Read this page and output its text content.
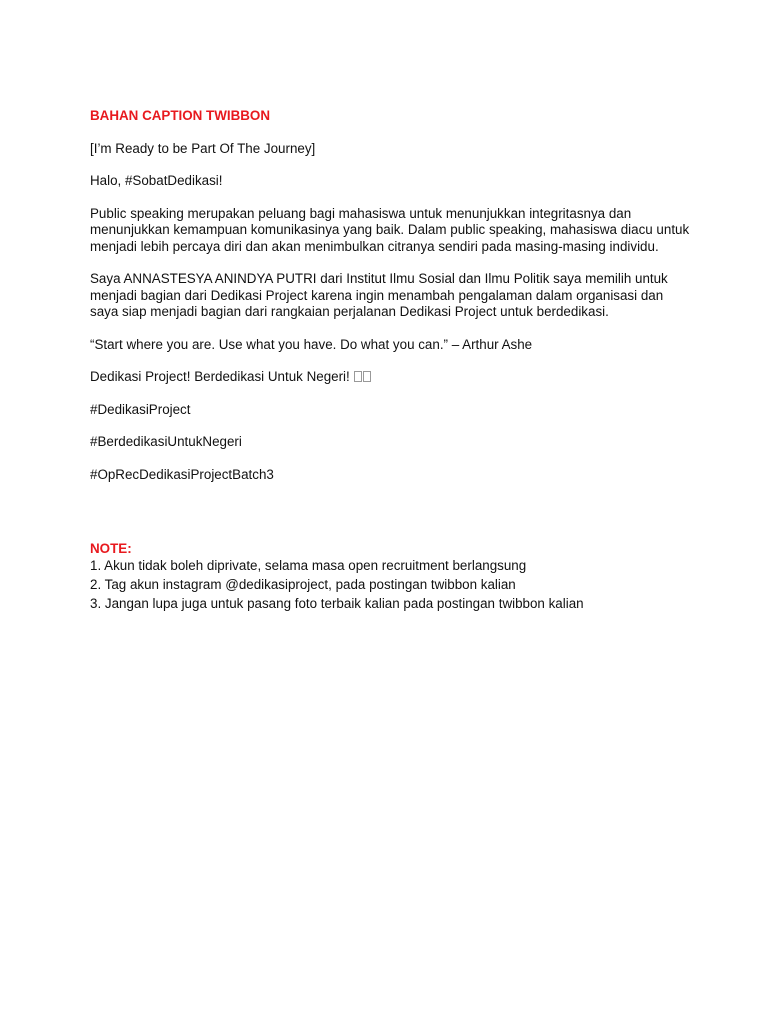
BAHAN CAPTION TWIBBON
[I’m Ready to be Part Of The Journey]
Halo, #SobatDedikasi!
Public speaking merupakan peluang bagi mahasiswa untuk menunjukkan integritasnya dan menunjukkan kemampuan komunikasinya yang baik. Dalam public speaking, mahasiswa diacu untuk menjadi lebih percaya diri dan akan menimbulkan citranya sendiri pada masing-masing individu.
Saya ANNASTESYA ANINDYA PUTRI dari Institut Ilmu Sosial dan Ilmu Politik saya memilih untuk menjadi bagian dari Dedikasi Project karena ingin menambah pengalaman dalam organisasi dan saya siap menjadi bagian dari rangkaian perjalanan Dedikasi Project untuk berdedikasi.
“Start where you are. Use what you have. Do what you can.” – Arthur Ashe
Dedikasi Project! Berdedikasi Untuk Negeri!
#DedikasiProject
#BerdedikasiUntukNegeri
#OpRecDedikasiProjectBatch3
NOTE:
1. Akun tidak boleh diprivate, selama masa open recruitment berlangsung
2. Tag akun instagram @dedikasiproject, pada postingan twibbon kalian
3. Jangan lupa juga untuk pasang foto terbaik kalian pada postingan twibbon kalian
